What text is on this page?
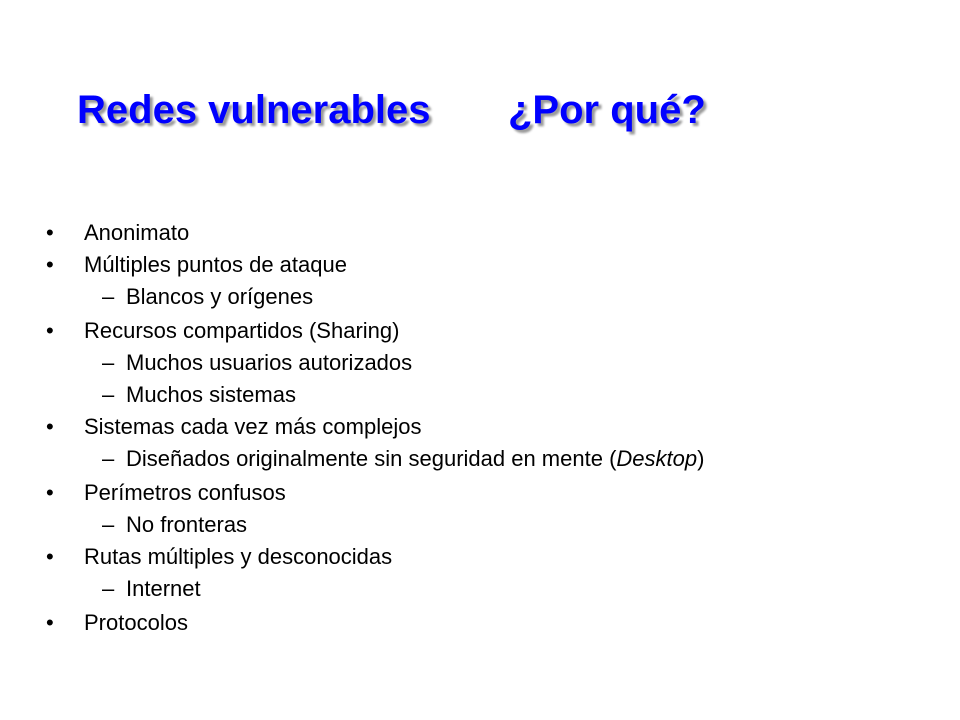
Redes vulnerables ¿Por qué?
• Anonimato
• Múltiples puntos de ataque
– Blancos y orígenes
• Recursos compartidos (Sharing)
– Muchos usuarios autorizados
– Muchos sistemas
• Sistemas cada vez más complejos
– Diseñados originalmente sin seguridad en mente (Desktop)
• Perímetros confusos
– No fronteras
• Rutas múltiples y desconocidas
– Internet
• Protocolos
